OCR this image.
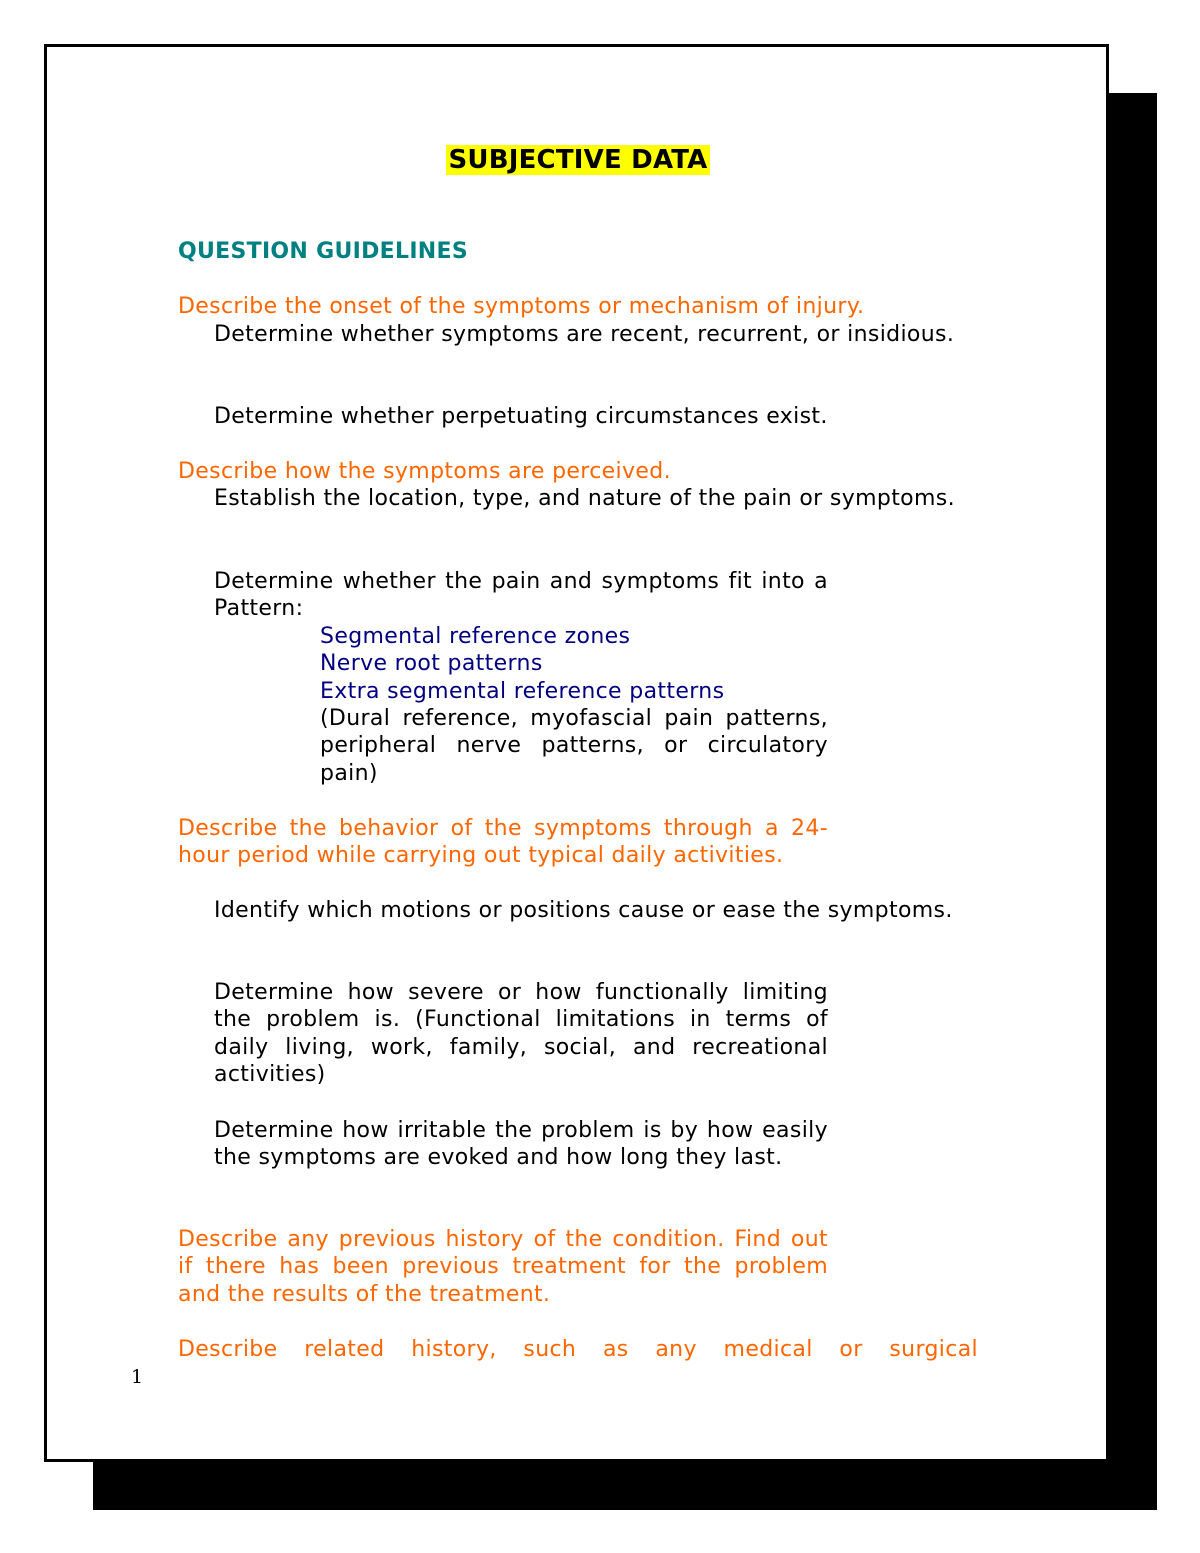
SUBJECTIVE DATA
QUESTION GUIDELINES
Describe the onset of the symptoms or mechanism of injury.
Determine whether symptoms are recent, recurrent, or insidious.
Determine whether perpetuating circumstances exist.
Describe how the symptoms are perceived.
Establish the location, type, and nature of the pain or symptoms.
Determine whether the pain and symptoms fit into a Pattern:
Segmental reference zones
Nerve root patterns
Extra segmental reference patterns
(Dural reference, myofascial pain patterns, peripheral nerve patterns, or circulatory pain)
Describe the behavior of the symptoms through a 24-hour period while carrying out typical daily activities.
Identify which motions or positions cause or ease the symptoms.
Determine how severe or how functionally limiting the problem is. (Functional limitations in terms of daily living, work, family, social, and recreational activities)
Determine how irritable the problem is by how easily the symptoms are evoked and how long they last.
Describe any previous history of the condition. Find out if there has been previous treatment for the problem and the results of the treatment.
Describe related history, such as any medical or surgical
1
